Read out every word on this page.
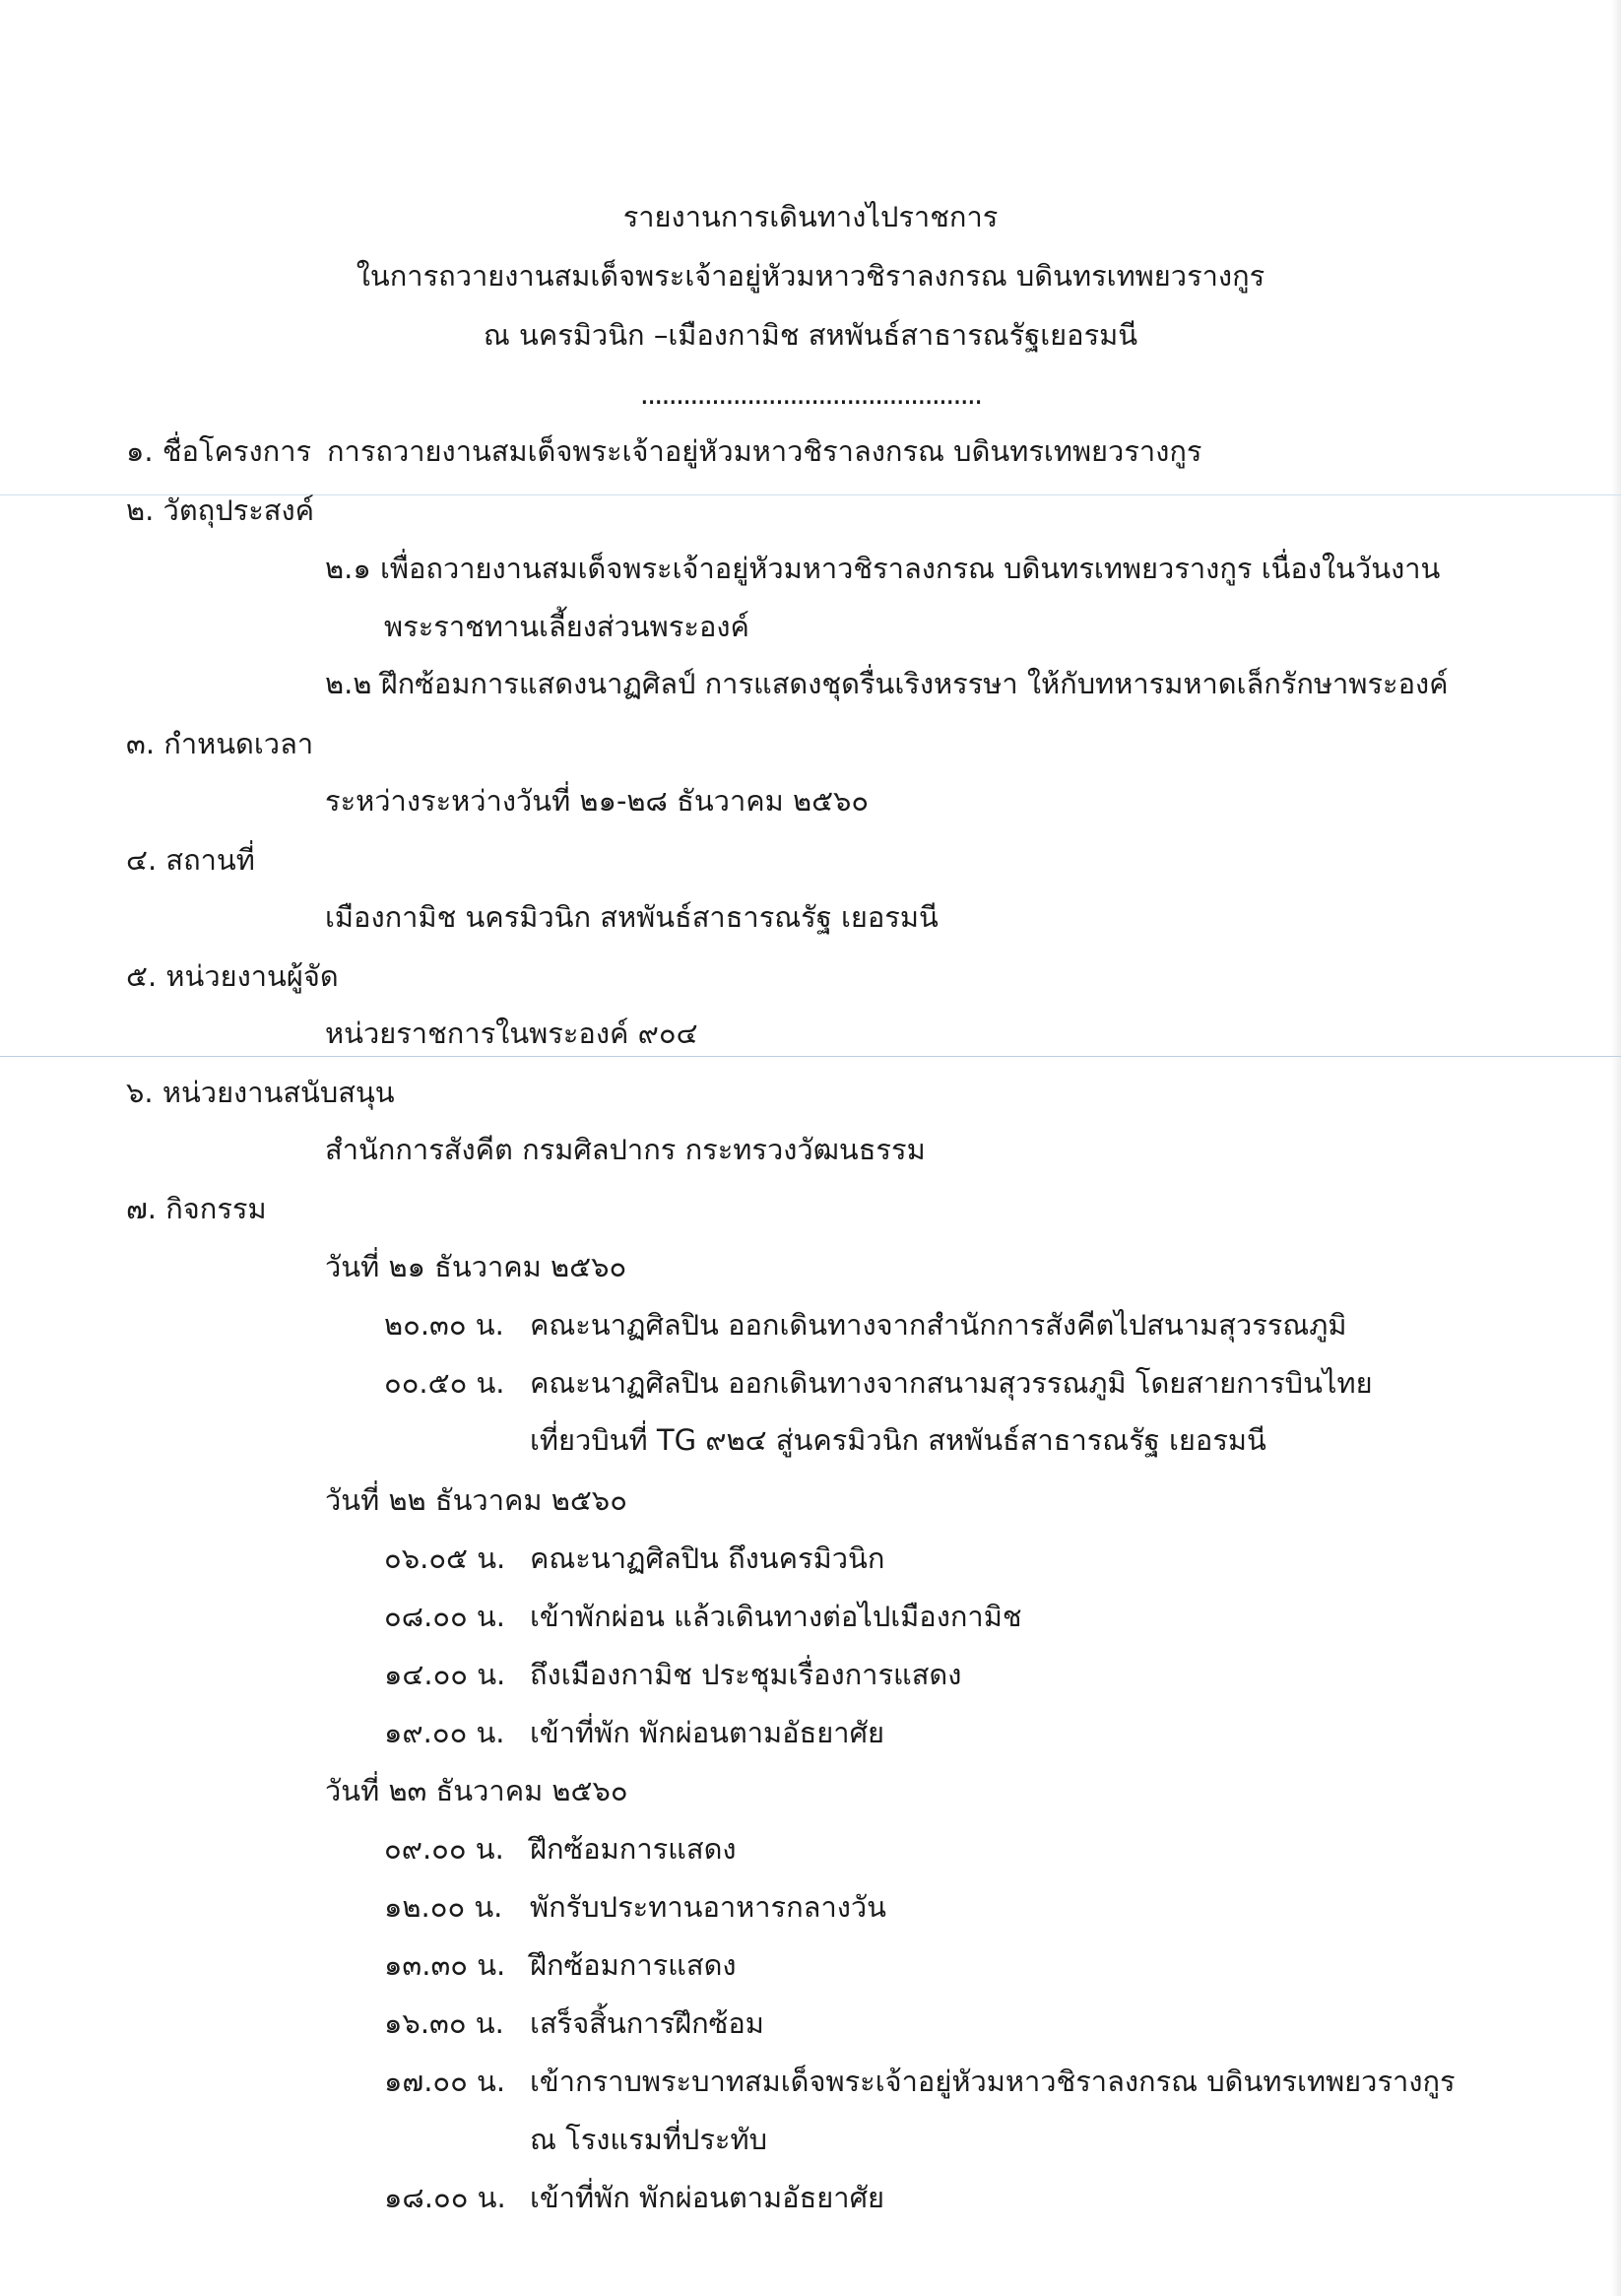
รายงานการเดินทางไปราชการ
ในการถวายงานสมเด็จพระเจ้าอยู่หัวมหาวชิราลงกรณ บดินทรเทพยวรางกูร
ณ นครมิวนิก –เมืองกามิช สหพันธ์สาธารณรัฐเยอรมนี
................................................
๑. ชื่อโครงการ การถวายงานสมเด็จพระเจ้าอยู่หัวมหาวชิราลงกรณ บดินทรเทพยวรางกูร
๒. วัตถุประสงค์
๒.๑ เพื่อถวายงานสมเด็จพระเจ้าอยู่หัวมหาวชิราลงกรณ บดินทรเทพยวรางกูร เนื่องในวันงาน
พระราชทานเลี้ยงส่วนพระองค์
๒.๒ ฝึกซ้อมการแสดงนาฏศิลป์ การแสดงชุดรื่นเริงหรรษา ให้กับทหารมหาดเล็กรักษาพระองค์
๓. กำหนดเวลา
ระหว่างระหว่างวันที่ ๒๑-๒๘ ธันวาคม ๒๕๖๐
๔. สถานที่
เมืองกามิช นครมิวนิก สหพันธ์สาธารณรัฐ เยอรมนี
๕. หน่วยงานผู้จัด
หน่วยราชการในพระองค์ ๙๐๔
๖. หน่วยงานสนับสนุน
สำนักการสังคีต กรมศิลปากร กระทรวงวัฒนธรรม
๗. กิจกรรม
วันที่ ๒๑ ธันวาคม ๒๕๖๐
๒๐.๓๐ น. คณะนาฏศิลปิน ออกเดินทางจากสำนักการสังคีตไปสนามสุวรรณภูมิ
๐๐.๕๐ น. คณะนาฏศิลปิน ออกเดินทางจากสนามสุวรรณภูมิ โดยสายการบินไทย
เที่ยวบินที่ TG ๙๒๔ สู่นครมิวนิก สหพันธ์สาธารณรัฐ เยอรมนี
วันที่ ๒๒ ธันวาคม ๒๕๖๐
๐๖.๐๕ น. คณะนาฏศิลปิน ถึงนครมิวนิก
๐๘.๐๐ น. เข้าพักผ่อน แล้วเดินทางต่อไปเมืองกามิช
๑๔.๐๐ น. ถึงเมืองกามิช ประชุมเรื่องการแสดง
๑๙.๐๐ น. เข้าที่พัก พักผ่อนตามอัธยาศัย
วันที่ ๒๓ ธันวาคม ๒๕๖๐
๐๙.๐๐ น. ฝึกซ้อมการแสดง
๑๒.๐๐ น. พักรับประทานอาหารกลางวัน
๑๓.๓๐ น. ฝึกซ้อมการแสดง
๑๖.๓๐ น. เสร็จสิ้นการฝึกซ้อม
๑๗.๐๐ น. เข้ากราบพระบาทสมเด็จพระเจ้าอยู่หัวมหาวชิราลงกรณ บดินทรเทพยวรางกูร
ณ โรงแรมที่ประทับ
๑๘.๐๐ น. เข้าที่พัก พักผ่อนตามอัธยาศัย
